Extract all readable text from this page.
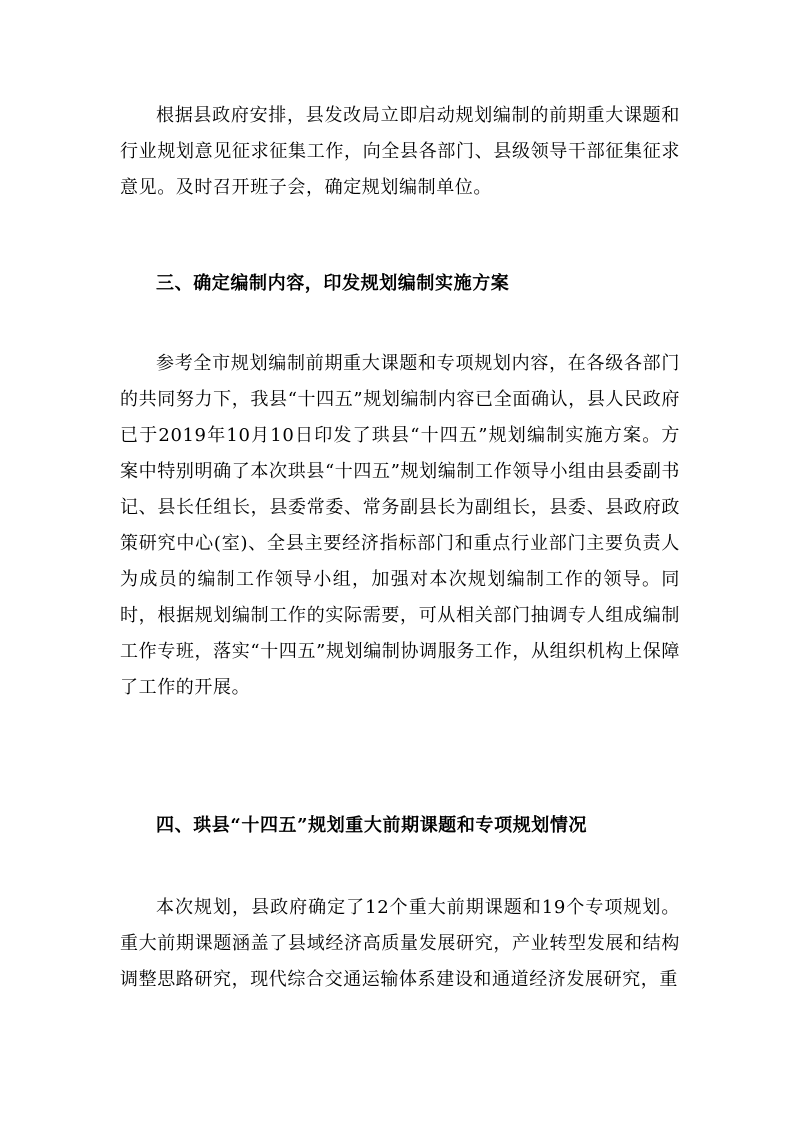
根据县政府安排，县发改局立即启动规划编制的前期重大课题和行业规划意见征求征集工作，向全县各部门、县级领导干部征集征求意见。及时召开班子会，确定规划编制单位。

三、确定编制内容，印发规划编制实施方案

参考全市规划编制前期重大课题和专项规划内容，在各级各部门的共同努力下，我县“十四五”规划编制内容已全面确认，县人民政府已于2019年10月10日印发了珙县“十四五”规划编制实施方案。方案中特别明确了本次珙县“十四五”规划编制工作领导小组由县委副书记、县长任组长，县委常委、常务副县长为副组长，县委、县政府政策研究中心(室)、全县主要经济指标部门和重点行业部门主要负责人为成员的编制工作领导小组，加强对本次规划编制工作的领导。同时，根据规划编制工作的实际需要，可从相关部门抽调专人组成编制工作专班，落实“十四五”规划编制协调服务工作，从组织机构上保障了工作的开展。

四、珙县“十四五”规划重大前期课题和专项规划情况

本次规划，县政府确定了12个重大前期课题和19个专项规划。重大前期课题涵盖了县域经济高质量发展研究，产业转型发展和结构调整思路研究，现代综合交通运输体系建设和通道经济发展研究，重
